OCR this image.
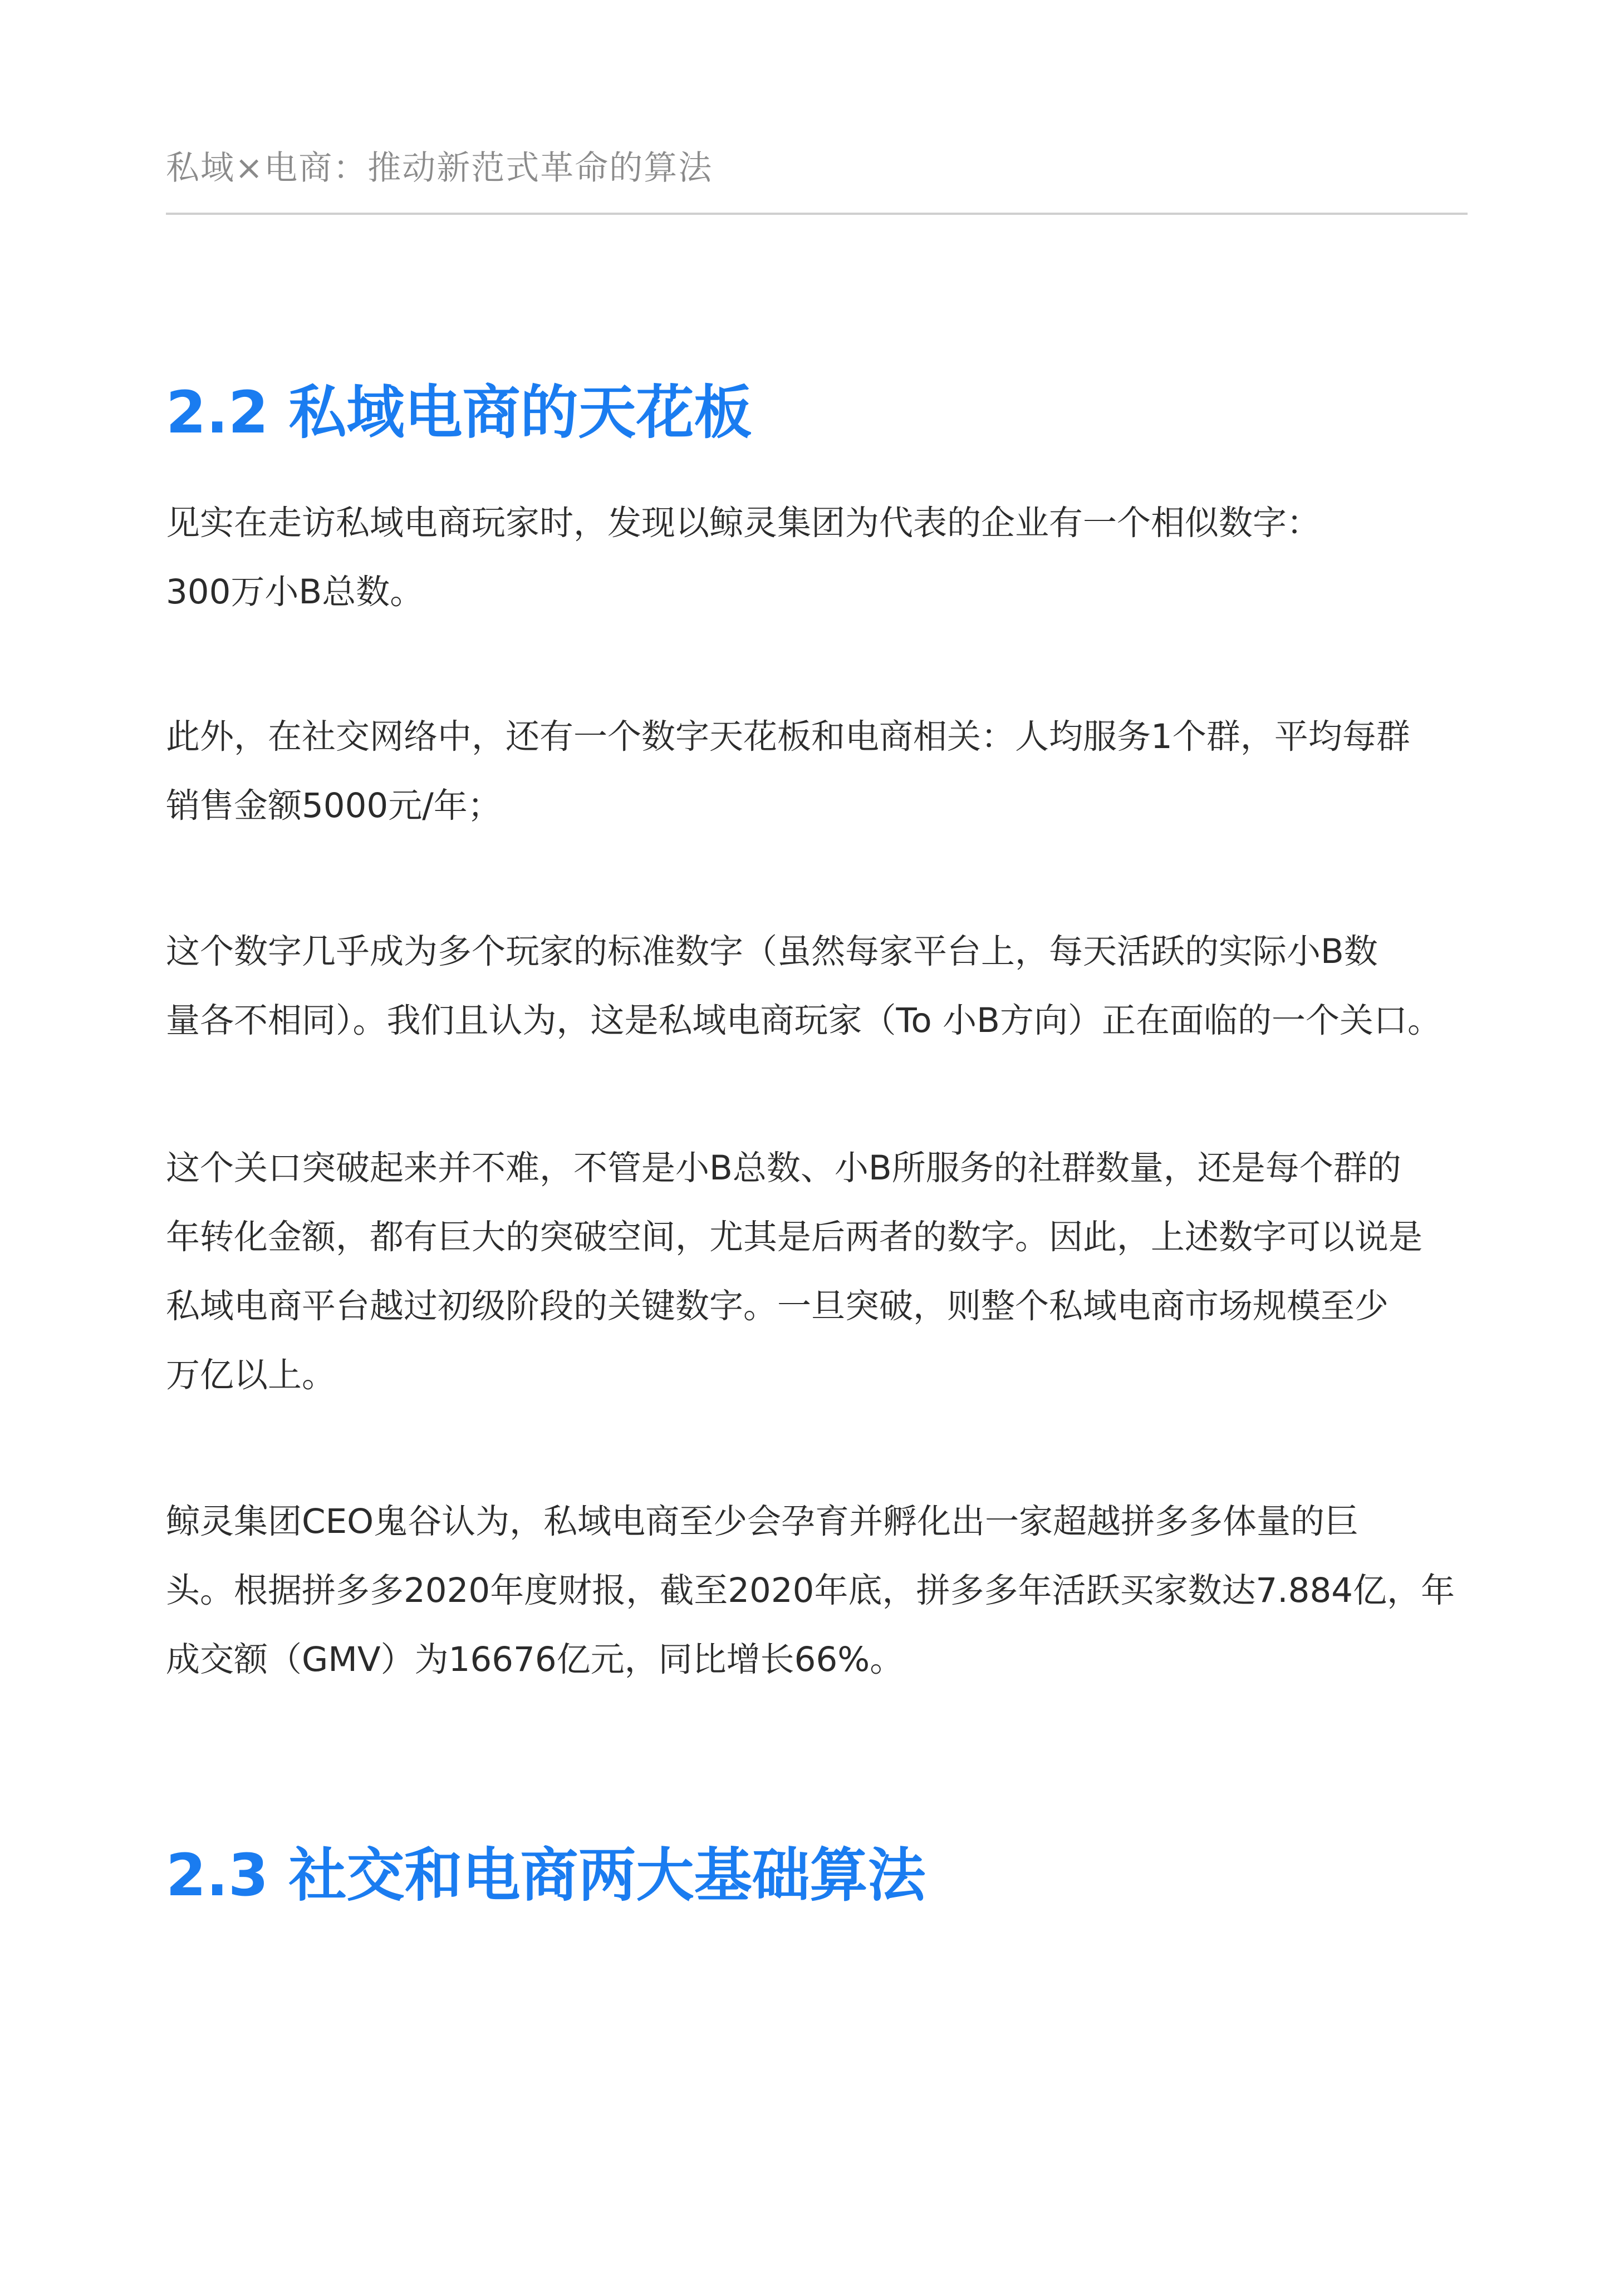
私域×电商：推动新范式革命的算法
2.2 私域电商的天花板
见实在走访私域电商玩家时，发现以鲸灵集团为代表的企业有一个相似数字：
300万小B总数。
此外，在社交网络中，还有一个数字天花板和电商相关：人均服务1个群，平均每群
销售金额5000元/年；
这个数字几乎成为多个玩家的标准数字（虽然每家平台上，每天活跃的实际小B数
量各不相同）。我们且认为，这是私域电商玩家（To 小B方向）正在面临的一个关口。
这个关口突破起来并不难，不管是小B总数、小B所服务的社群数量，还是每个群的
年转化金额，都有巨大的突破空间，尤其是后两者的数字。因此，上述数字可以说是
私域电商平台越过初级阶段的关键数字。一旦突破，则整个私域电商市场规模至少
万亿以上。
鲸灵集团CEO鬼谷认为，私域电商至少会孕育并孵化出一家超越拼多多体量的巨
头。根据拼多多2020年度财报，截至2020年底，拼多多年活跃买家数达7.884亿，年
成交额（GMV）为16676亿元，同比增长66%。
2.3 社交和电商两大基础算法
